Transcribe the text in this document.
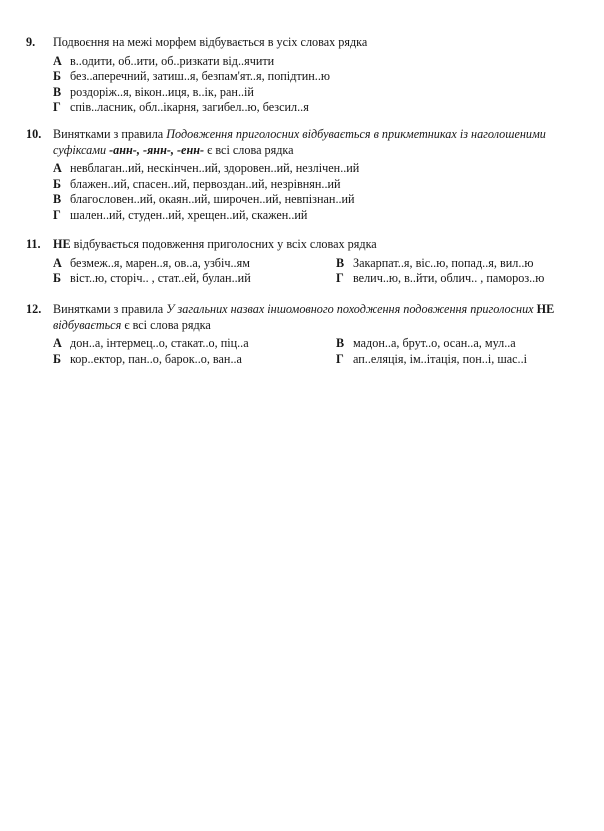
9. Подвоєння на межі морфем відбувається в усіх словах рядка
А в..одити, об..ити, об..ризкати від..ячити
Б без..аперечний, затиш..я, безпам'ят..я, попідтин..ю
В роздоріж..я, вікон..иця, в..ік, ран..ій
Г спів..ласник, обл..ікарня, загибел..ю, безсил..я
10. Винятками з правила Подовження приголосних відбувається в прикметниках із наголошеними суфіксами -анн-, -янн-, -енн- є всі слова рядка
А невблаган..ий, нескінчен..ий, здоровен..ий, незлічен..ий
Б блажен..ий, спасен..ий, первоздан..ий, незрівнян..ий
В благословен..ий, окаян..ий, широчен..ий, невпізнан..ий
Г шален..ий, студен..ий, хрещен..ий, скажен..ий
11. НЕ відбувається подовження приголосних у всіх словах рядка
А безмеж..я, марен..я, ов..а, узбіч..ям
Б віст..ю, сторіч.. , стат..ей, булан..ий
В Закарпат..я, віс..ю, попад..я, вил..ю
Г велич..ю, в..йти, облич.. , памороз..ю
12. Винятками з правила У загальних назвах іншомовного походження подовження приголосних НЕ відбувається є всі слова рядка
А дон..а, інтермец..о, стакат..о, піц..а
Б кор..ектор, пан..о, барок..о, ван..а
В мадон..а, брут..о, осан..а, мул..а
Г ап..еляція, ім..ітація, пон..і, шас..і
